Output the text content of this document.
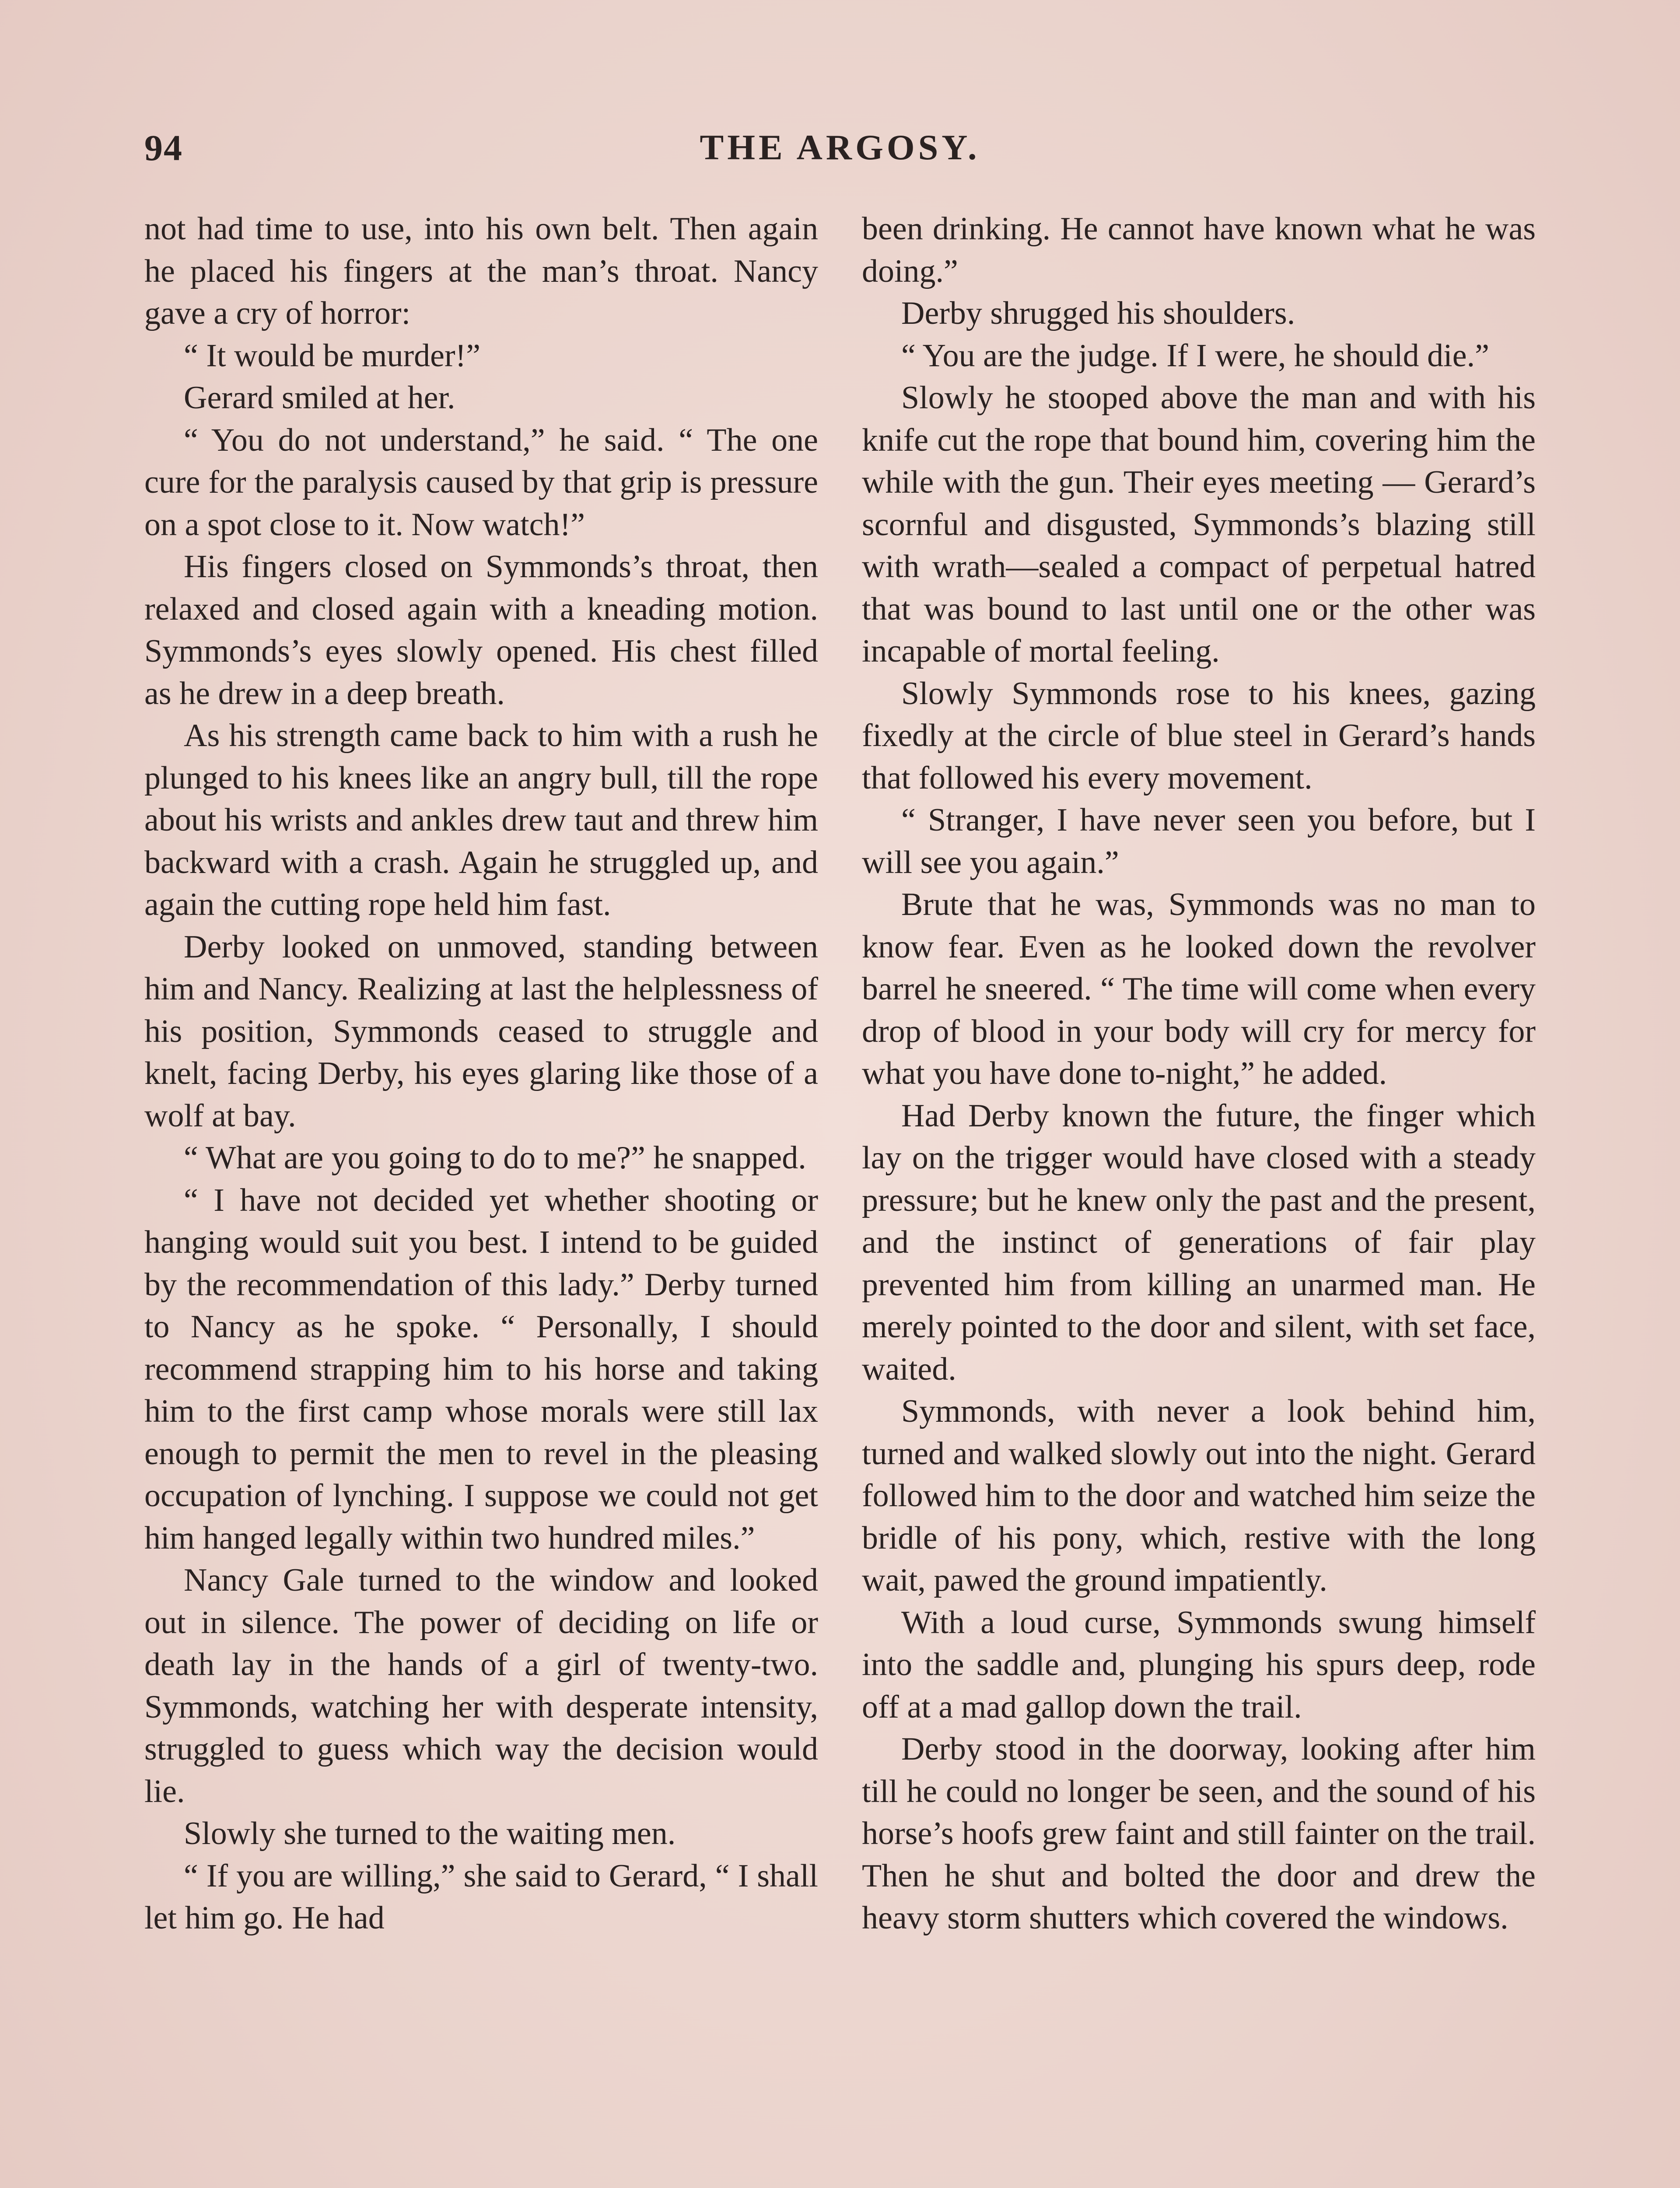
94	THE ARGOSY.

not had time to use, into his own belt. Then again he placed his fingers at the man’s throat. Nancy gave a cry of horror:

“ It would be murder!”

Gerard smiled at her.

“ You do not understand,” he said. “ The one cure for the paralysis caused by that grip is pressure on a spot close to it. Now watch!”

His fingers closed on Symmonds’s throat, then relaxed and closed again with a kneading motion. Symmonds’s eyes slowly opened. His chest filled as he drew in a deep breath.

As his strength came back to him with a rush he plunged to his knees like an angry bull, till the rope about his wrists and ankles drew taut and threw him backward with a crash. Again he struggled up, and again the cutting rope held him fast.

Derby looked on unmoved, standing between him and Nancy. Realizing at last the helplessness of his position, Symmonds ceased to struggle and knelt, facing Derby, his eyes glaring like those of a wolf at bay.

“ What are you going to do to me?” he snapped.

“ I have not decided yet whether shooting or hanging would suit you best. I intend to be guided by the recommendation of this lady.” Derby turned to Nancy as he spoke. “ Personally, I should recommend strapping him to his horse and taking him to the first camp whose morals were still lax enough to permit the men to revel in the pleasing occupation of lynching. I suppose we could not get him hanged legally within two hundred miles.”

Nancy Gale turned to the window and looked out in silence. The power of deciding on life or death lay in the hands of a girl of twenty-two. Symmonds, watching her with desperate intensity, struggled to guess which way the decision would lie.

Slowly she turned to the waiting men.

“ If you are willing,” she said to Gerard, “ I shall let him go. He had

been drinking. He cannot have known what he was doing.”

Derby shrugged his shoulders.

“ You are the judge. If I were, he should die.”

Slowly he stooped above the man and with his knife cut the rope that bound him, covering him the while with the gun. Their eyes meeting — Gerard’s scornful and disgusted, Symmonds’s blazing still with wrath—sealed a compact of perpetual hatred that was bound to last until one or the other was incapable of mortal feeling.

Slowly Symmonds rose to his knees, gazing fixedly at the circle of blue steel in Gerard’s hands that followed his every movement.

“ Stranger, I have never seen you before, but I will see you again.”

Brute that he was, Symmonds was no man to know fear. Even as he looked down the revolver barrel he sneered. “ The time will come when every drop of blood in your body will cry for mercy for what you have done to-night,” he added.

Had Derby known the future, the finger which lay on the trigger would have closed with a steady pressure; but he knew only the past and the present, and the instinct of generations of fair play prevented him from killing an unarmed man. He merely pointed to the door and silent, with set face, waited.

Symmonds, with never a look behind him, turned and walked slowly out into the night. Gerard followed him to the door and watched him seize the bridle of his pony, which, restive with the long wait, pawed the ground impatiently.

With a loud curse, Symmonds swung himself into the saddle and, plunging his spurs deep, rode off at a mad gallop down the trail.

Derby stood in the doorway, looking after him till he could no longer be seen, and the sound of his horse’s hoofs grew faint and still fainter on the trail. Then he shut and bolted the door and drew the heavy storm shutters which covered the windows.
